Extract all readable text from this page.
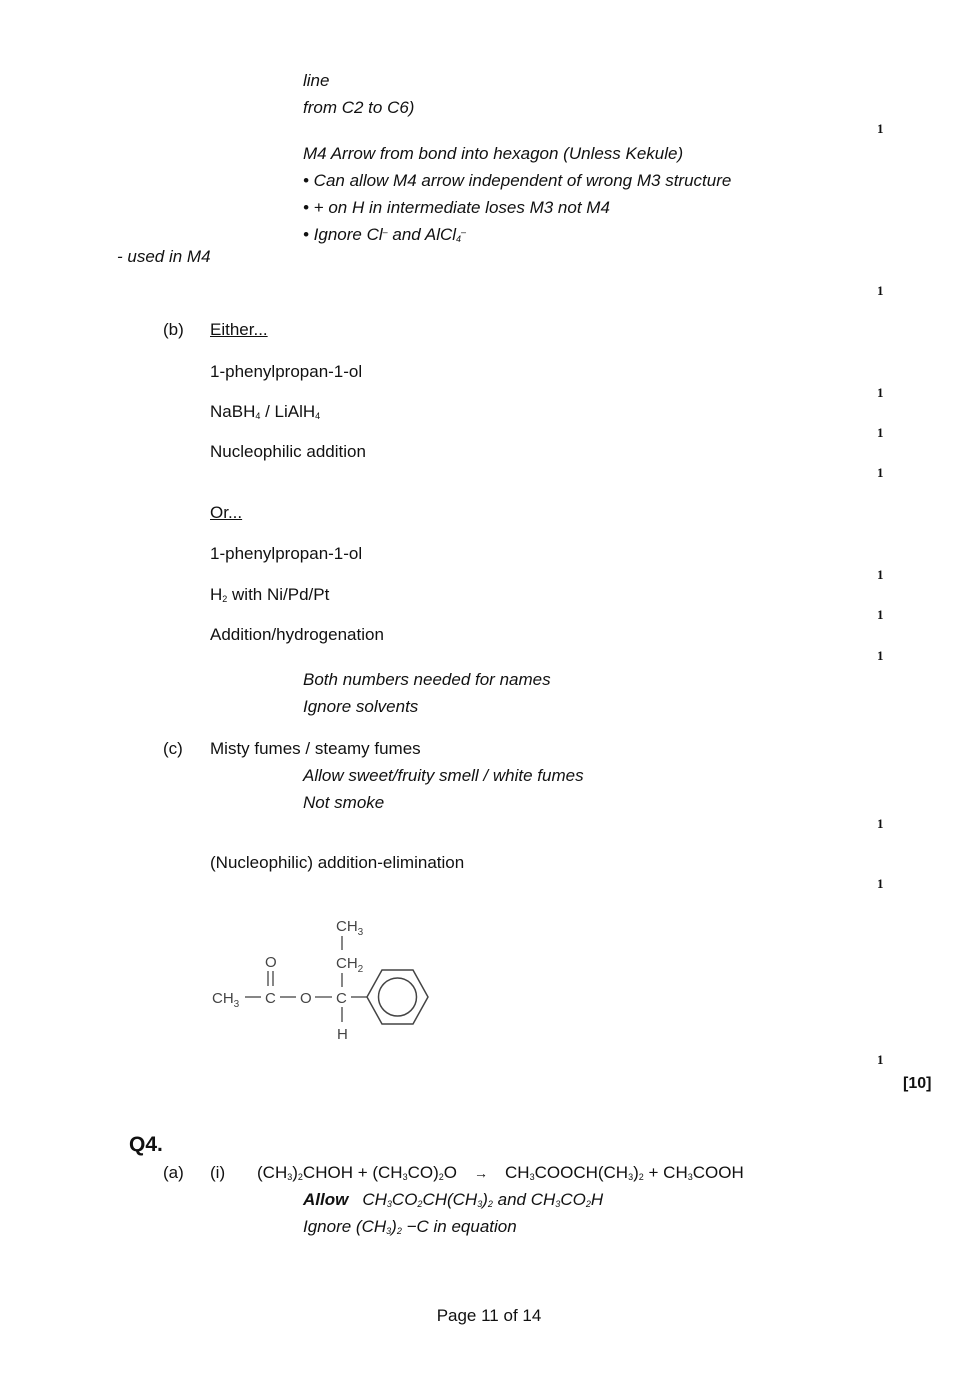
line
from C2 to C6)
1
M4 Arrow from bond into hexagon (Unless Kekule)
• Can allow M4 arrow independent of wrong M3 structure
• + on H in intermediate loses M3 not M4
• Ignore Cl– and AlCl$_4$–
- used in M4
1
(b) Either...
1-phenylpropan-1-ol
1
NaBH$_4$ / LiAlH$_4$
1
Nucleophilic addition
1
Or...
1-phenylpropan-1-ol
1
$H_2$ with Ni/Pd/Pt
1
Addition/hydrogenation
1
Both numbers needed for names
Ignore solvents
(c) Misty fumes / steamy fumes
Allow sweet/fruity smell / white fumes
Not smoke
1
(Nucleophilic) addition-elimination
1
$CH_3$
$CH_2$
$CH_3$
O
C O C
H
1
[10]
Q4.
(a) (i) $(CH_3)_2CHOH + (CH_3CO)_2O$ → $CH_3COOCH(CH_3)_2$ + $CH_3COOH$
Allow $CH_3CO_2CH(CH_3)_2$ and $CH_3CO_2H$
Ignore $(CH_3)_2 -C$ in equation
Page 11 of 14
